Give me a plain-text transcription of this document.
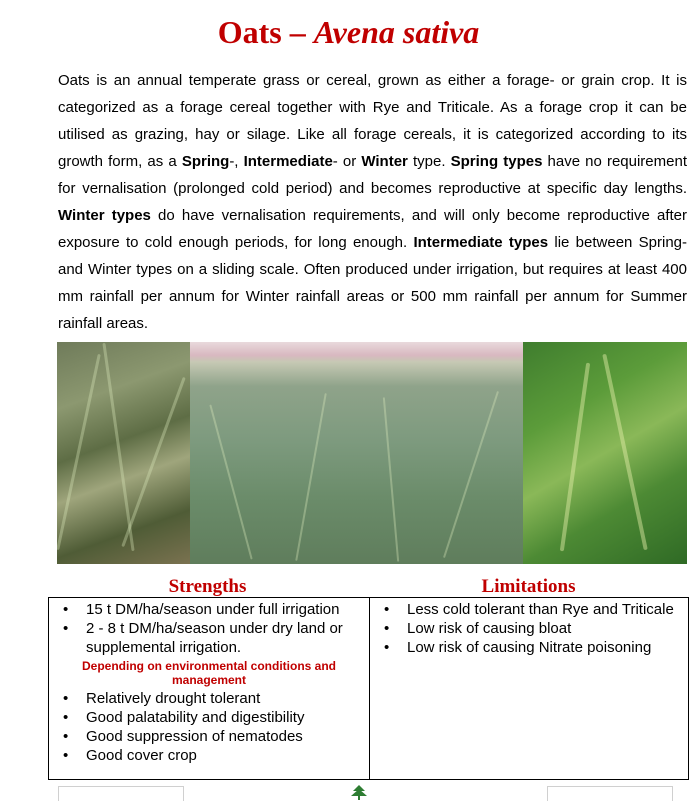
Oats – Avena sativa

Oats is an annual temperate grass or cereal, grown as either a forage- or grain crop. It is categorized as a forage cereal together with Rye and Triticale. As a forage crop it can be utilised as grazing, hay or silage. Like all forage cereals, it is categorized according to its growth form, as a Spring-, Intermediate- or Winter type. Spring types have no requirement for vernalisation (prolonged cold period) and becomes reproductive at specific day lengths. Winter types do have vernalisation requirements, and will only become reproductive after exposure to cold enough periods, for long enough. Intermediate types lie between Spring- and Winter types on a sliding scale. Often produced under irrigation, but requires at least 400 mm rainfall per annum for Winter rainfall areas or 500 mm rainfall per annum for Summer rainfall areas.

Strengths	Limitations
• 15 t DM/ha/season under full irrigation
• 2 - 8 t DM/ha/season under dry land or supplemental irrigation.
Depending on environmental conditions and management
• Relatively drought tolerant
• Good palatability and digestibility
• Good suppression of nematodes
• Good cover crop
• Less cold tolerant than Rye and Triticale
• Low risk of causing bloat
• Low risk of causing Nitrate poisoning
